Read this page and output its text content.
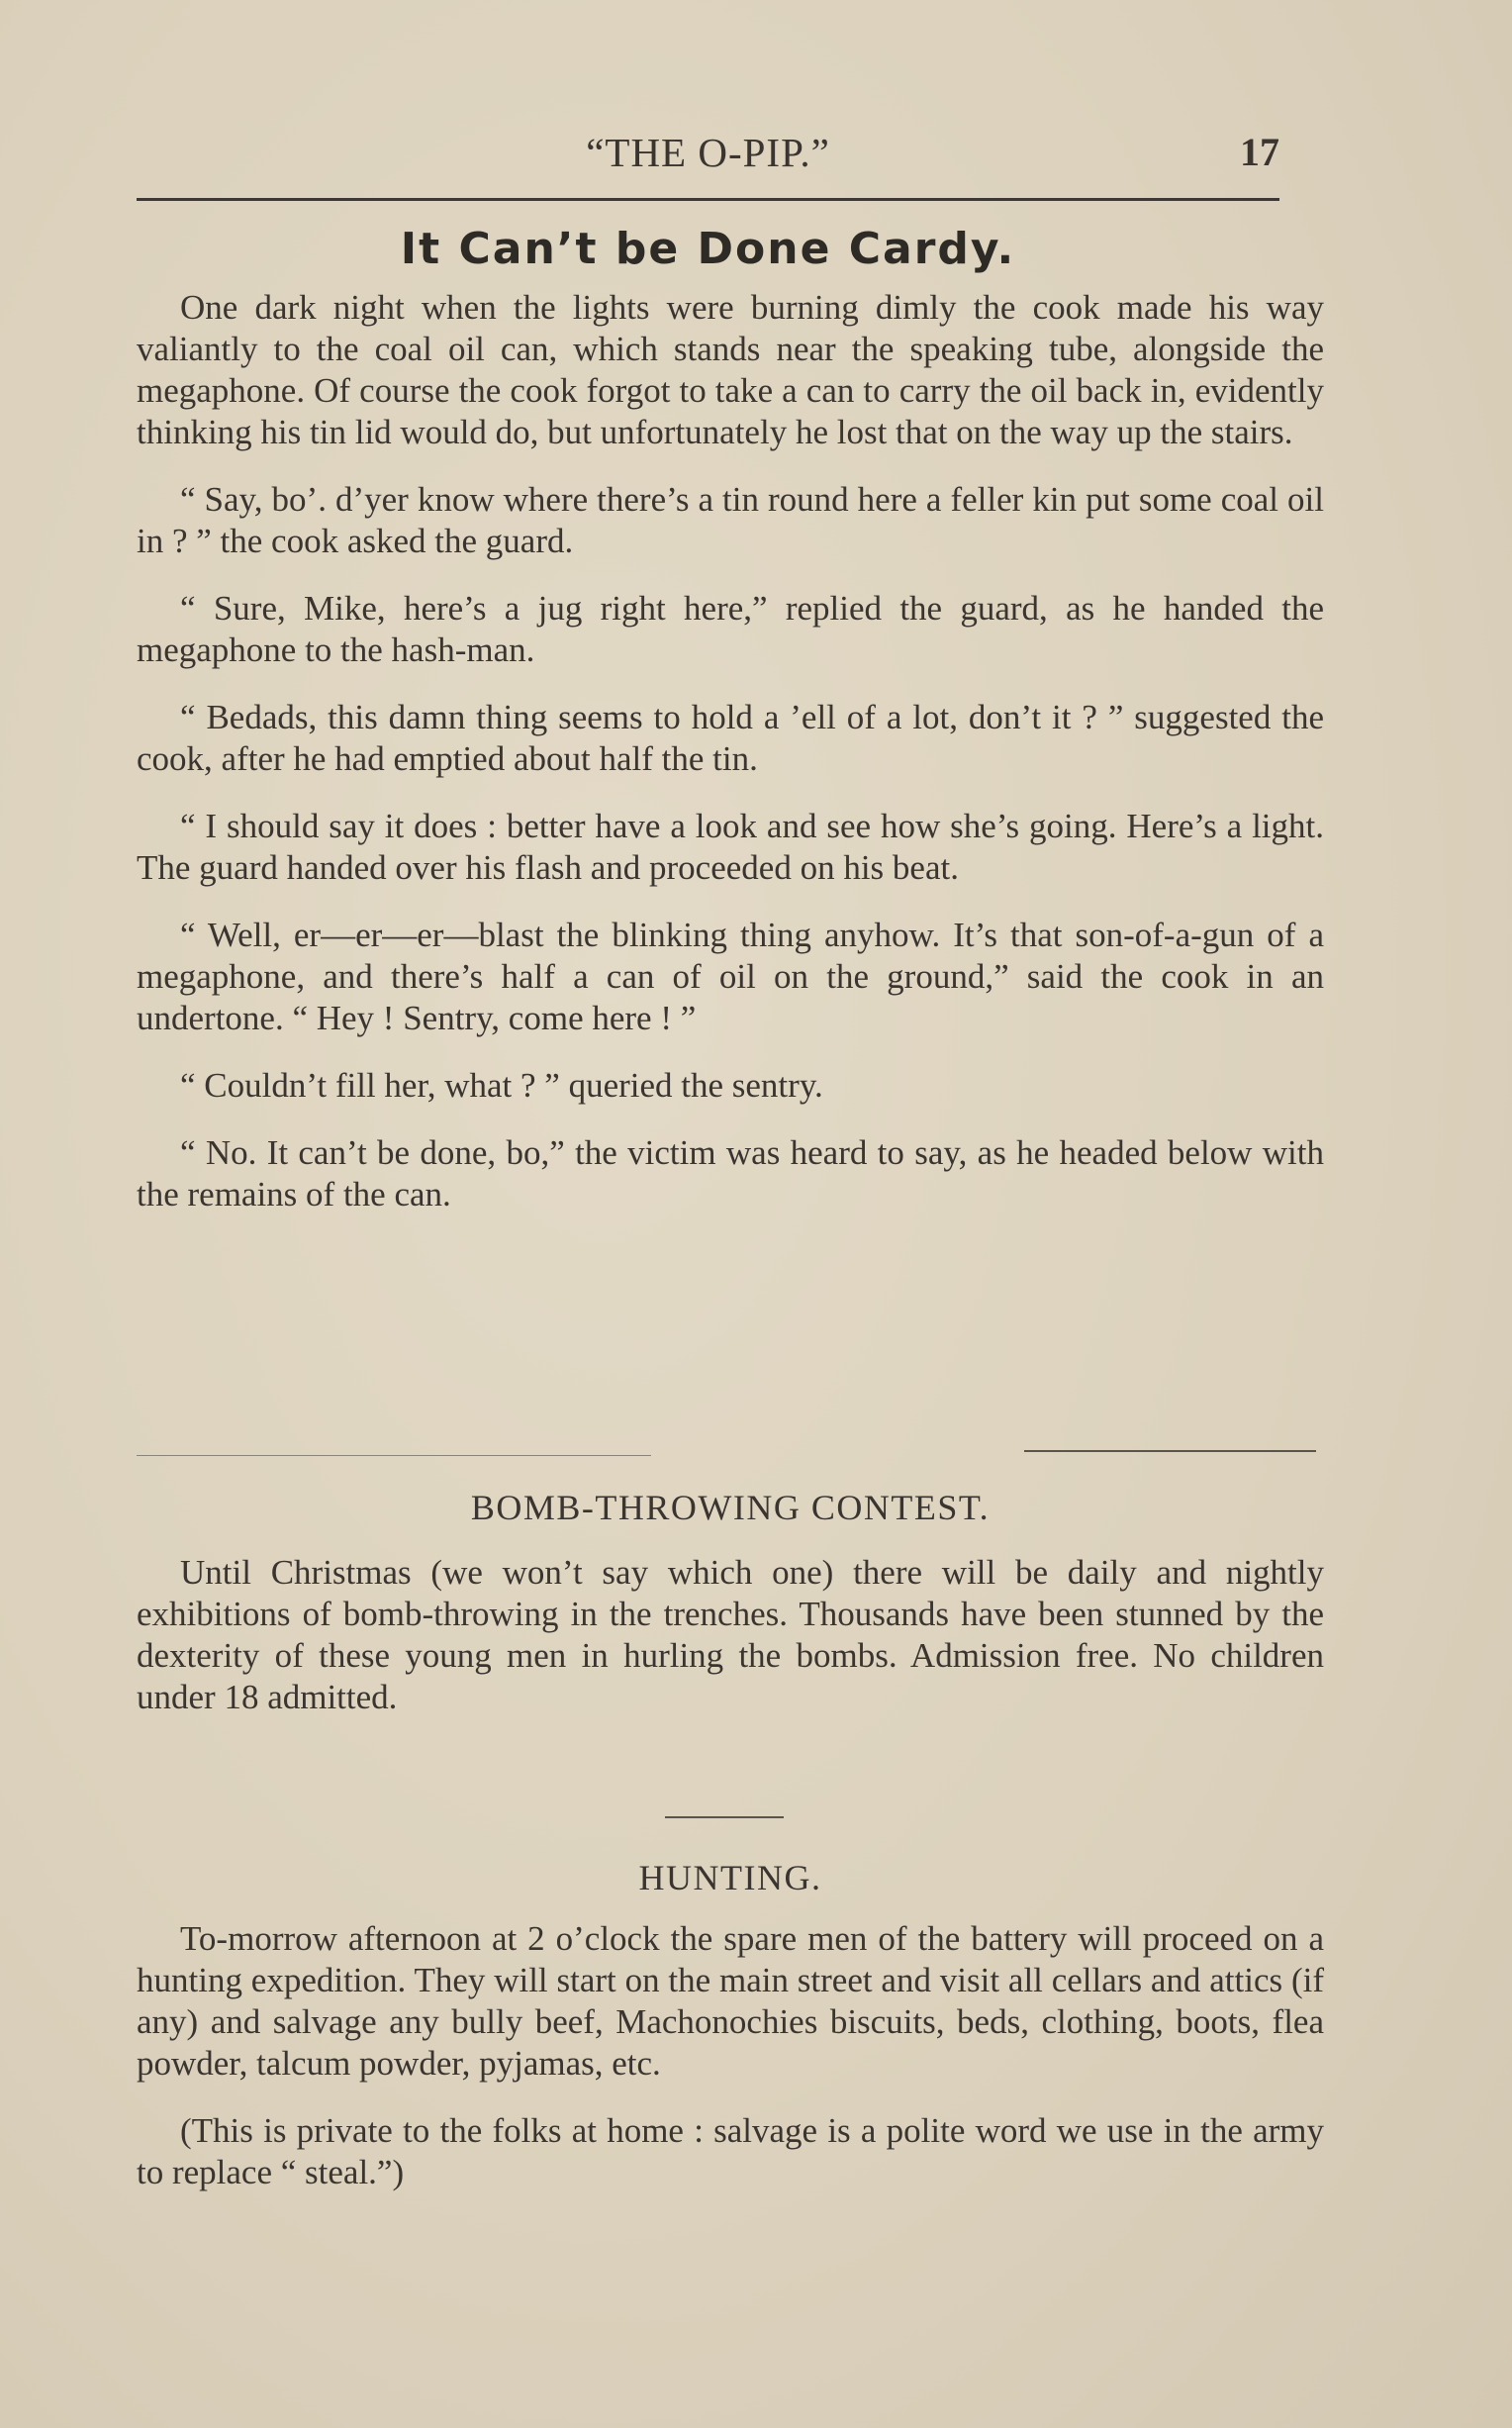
“THE O-PIP.”	17
It Can’t be Done Cardy.

One dark night when the lights were burning dimly the cook made his way valiantly to the coal oil can, which stands near the speaking tube, alongside the megaphone. Of course the cook forgot to take a can to carry the oil back in, evidently thinking his tin lid would do, but unfortunately he lost that on the way up the stairs.

“ Say, bo’. d’yer know where there’s a tin round here a feller kin put some coal oil in ? ” the cook asked the guard.

“ Sure, Mike, here’s a jug right here,” replied the guard, as he handed the megaphone to the hash-man.

“ Bedads, this damn thing seems to hold a ’ell of a lot, don’t it ? ” suggested the cook, after he had emptied about half the tin.

“ I should say it does : better have a look and see how she’s going. Here’s a light. The guard handed over his flash and proceeded on his beat.

“ Well, er—er—er—blast the blinking thing anyhow. It’s that son-of-a-gun of a megaphone, and there’s half a can of oil on the ground,” said the cook in an undertone. “ Hey ! Sentry, come here ! ”

“ Couldn’t fill her, what ? ” queried the sentry.

“ No. It can’t be done, bo,” the victim was heard to say, as he headed below with the remains of the can.

BOMB-THROWING CONTEST.

Until Christmas (we won’t say which one) there will be daily and nightly exhibitions of bomb-throwing in the trenches. Thousands have been stunned by the dexterity of these young men in hurling the bombs. Admission free. No children under 18 admitted.

HUNTING.

To-morrow afternoon at 2 o’clock the spare men of the battery will proceed on a hunting expedition. They will start on the main street and visit all cellars and attics (if any) and salvage any bully beef, Machonochies biscuits, beds, clothing, boots, flea powder, talcum powder, pyjamas, etc.

(This is private to the folks at home : salvage is a polite word we use in the army to replace “ steal.”)
